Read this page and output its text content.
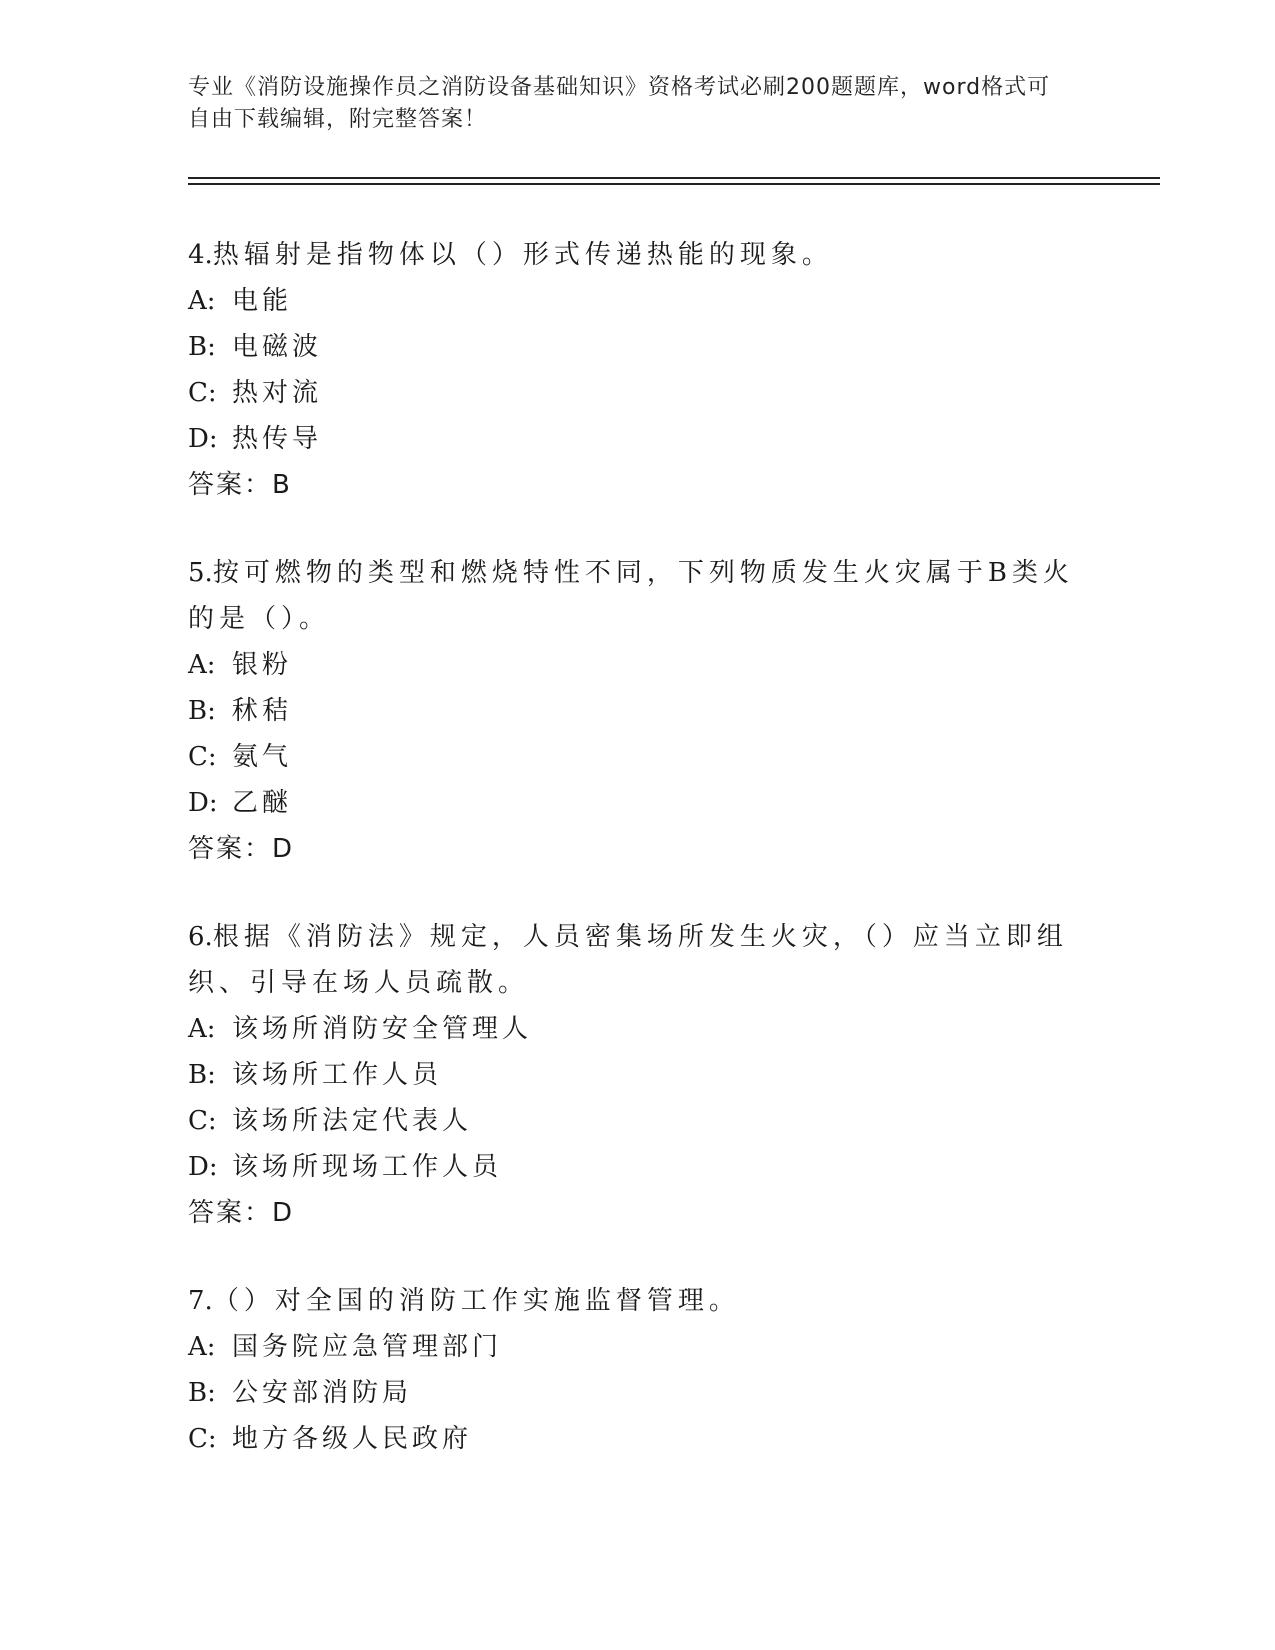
专业《消防设施操作员之消防设备基础知识》资格考试必刷200题题库，word格式可自由下载编辑，附完整答案！
4.热辐射是指物体以（）形式传递热能的现象。
A: 电能
B: 电磁波
C: 热对流
D: 热传导
答案：B
5.按可燃物的类型和燃烧特性不同，下列物质发生火灾属于B类火的是（）。
A: 银粉
B: 秫秸
C: 氨气
D: 乙醚
答案：D
6.根据《消防法》规定，人员密集场所发生火灾，（）应当立即组织、引导在场人员疏散。
A: 该场所消防安全管理人
B: 该场所工作人员
C: 该场所法定代表人
D: 该场所现场工作人员
答案：D
7.（）对全国的消防工作实施监督管理。
A: 国务院应急管理部门
B: 公安部消防局
C: 地方各级人民政府
